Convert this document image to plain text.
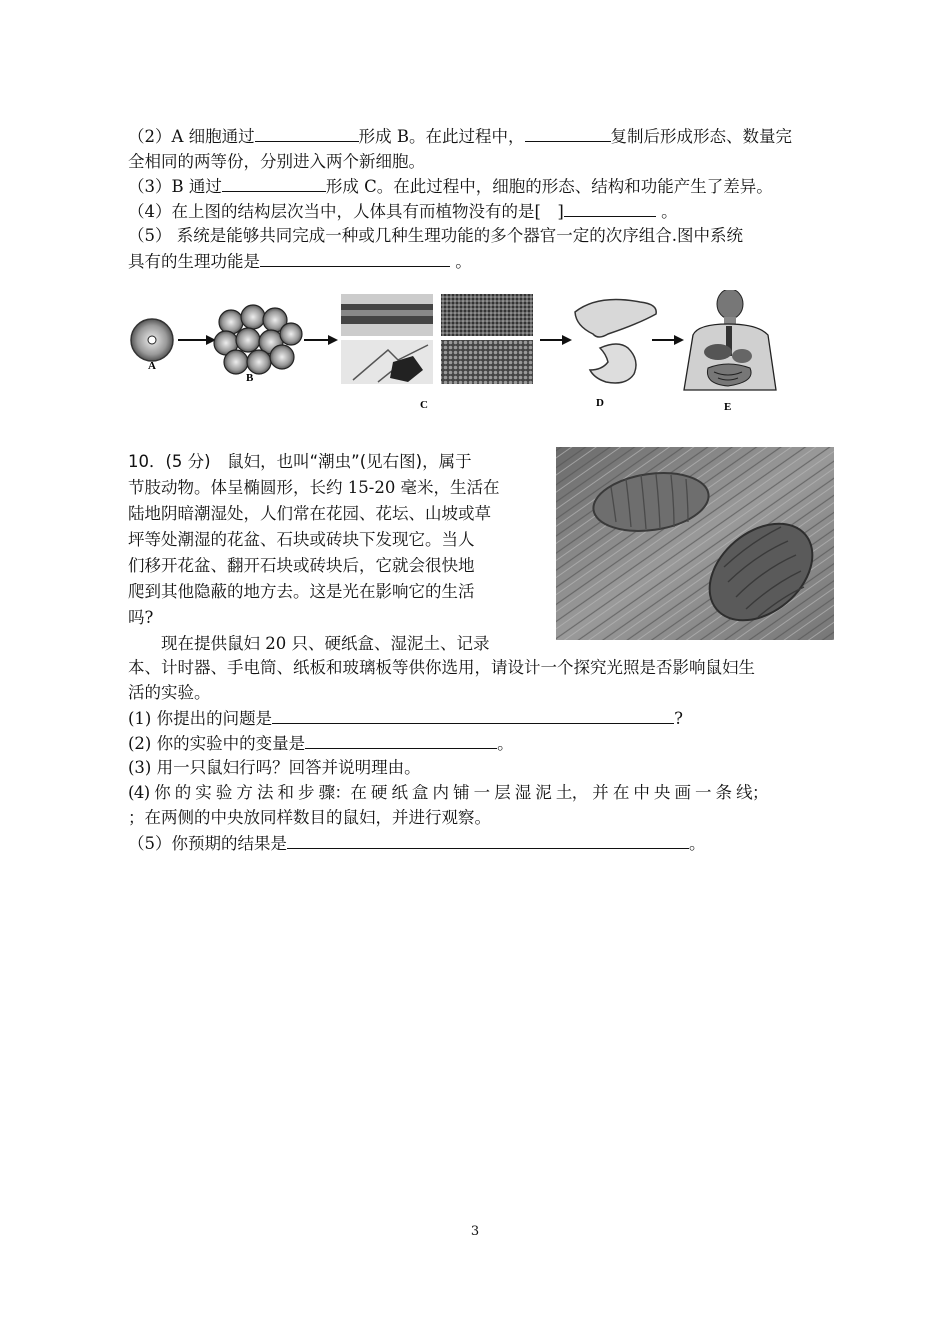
（2）A 细胞通过	形成 B。在此过程中，	复制后形成形态、数量完
全相同的两等份，分别进入两个新细胞。
（3）B 通过	形成 C。在此过程中，细胞的形态、结构和功能产生了差异。
（4）在上图的结构层次当中，人体具有而植物没有的是[　]	。
（5） 系统是能够共同完成一种或几种生理功能的多个器官一定的次序组合.图中系统
具有的生理功能是	。
A
B
C	D	E
10．(5 分)　鼠妇，也叫“潮虫”(见右图)，属于
节肢动物。体呈椭圆形，长约 15-20 毫米，生活在
陆地阴暗潮湿处，人们常在花园、花坛、山坡或草
坪等处潮湿的花盆、石块或砖块下发现它。当人
们移开花盆、翻开石块或砖块后，它就会很快地
爬到其他隐蔽的地方去。这是光在影响它的生活
吗?
　　现在提供鼠妇 20 只、硬纸盒、湿泥土、记录
本、计时器、手电筒、纸板和玻璃板等供你选用，请设计一个探究光照是否影响鼠妇生
活的实验。
(1) 你提出的问题是	?
(2) 你的实验中的变量是	。
(3) 用一只鼠妇行吗？回答并说明理由。
(4) 你 的 实 验 方 法 和 步 骤：在 硬 纸 盒 内 铺 一 层 湿 泥 土， 并 在 中 央 画 一 条 线；
；在两侧的中央放同样数目的鼠妇，并进行观察。
（5）你预期的结果是	。
3
